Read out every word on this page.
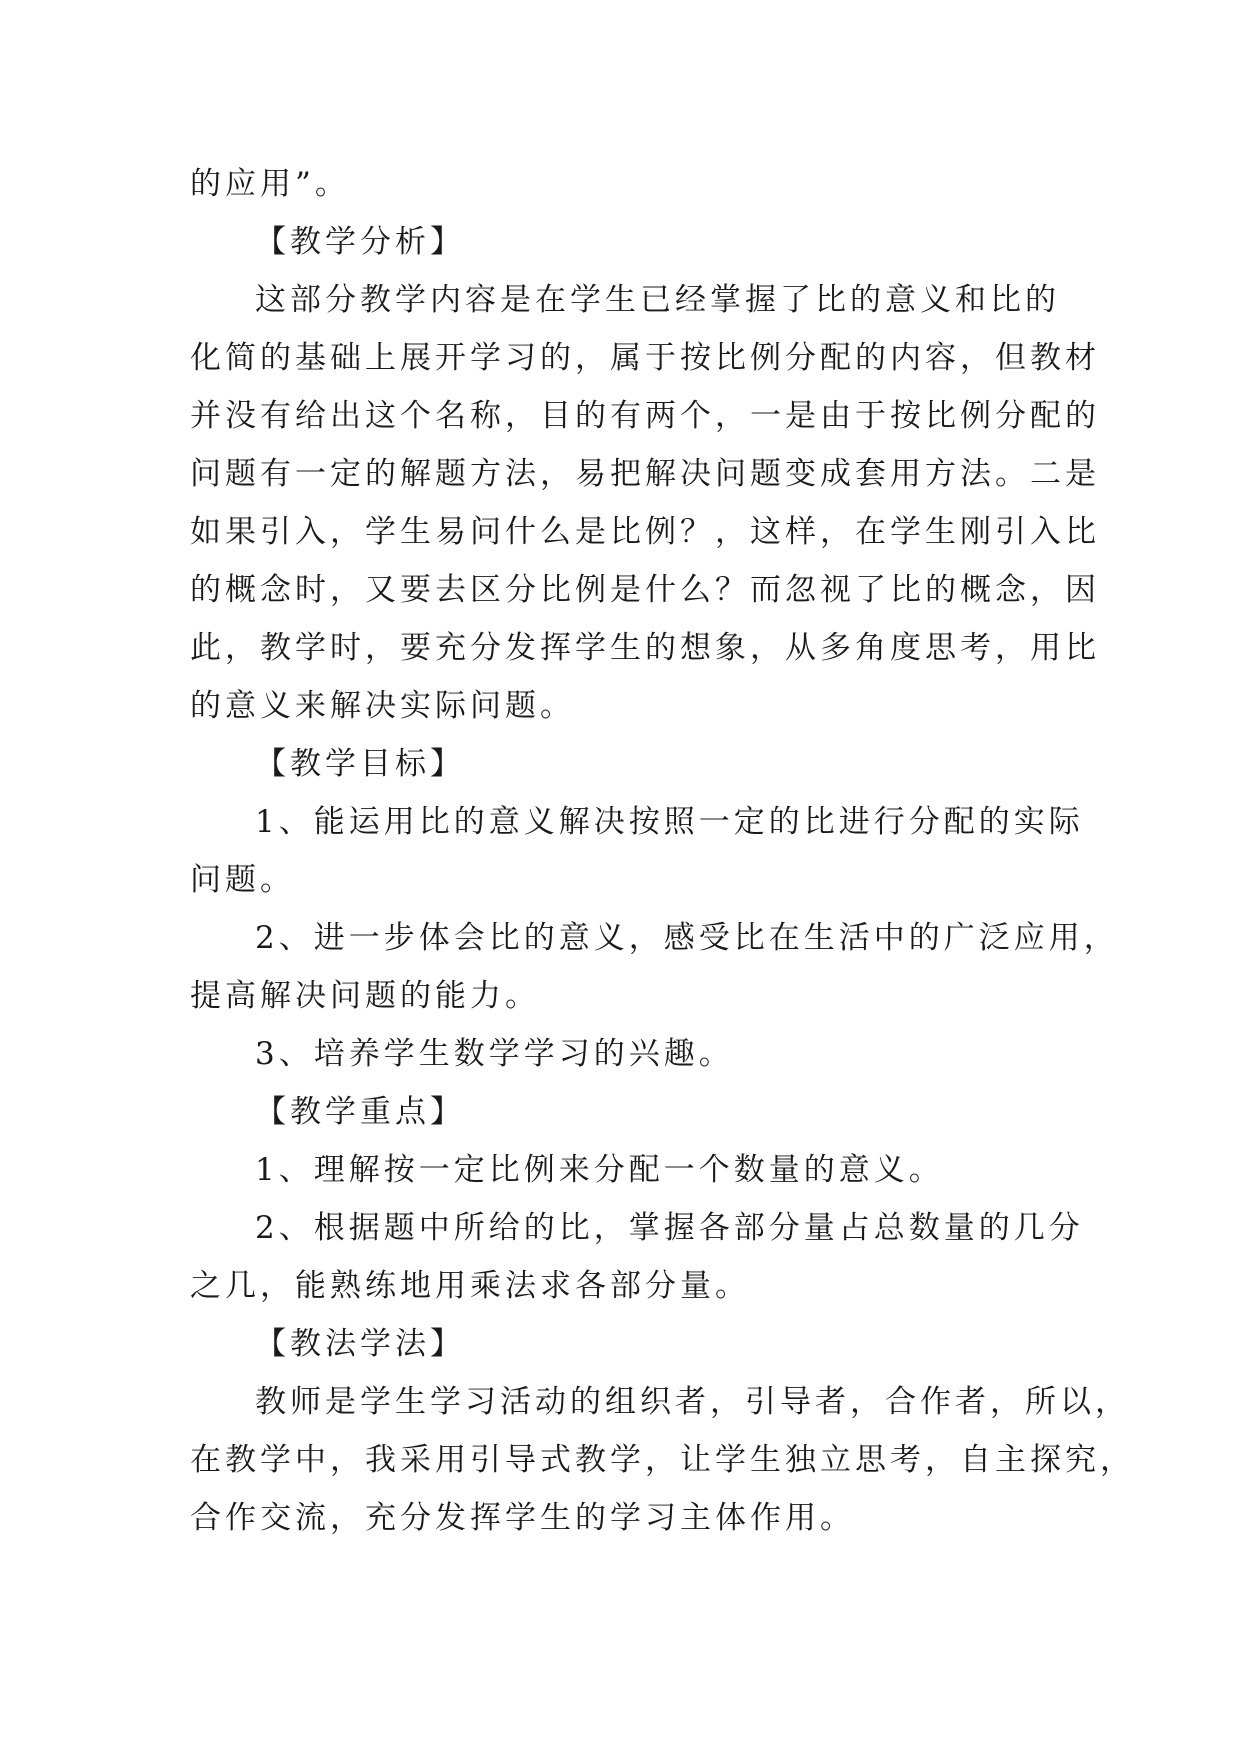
的应用”。
【教学分析】
这部分教学内容是在学生已经掌握了比的意义和比的
化简的基础上展开学习的，属于按比例分配的内容，但教材
并没有给出这个名称，目的有两个，一是由于按比例分配的
问题有一定的解题方法，易把解决问题变成套用方法。二是
如果引入，学生易问什么是比例？，这样，在学生刚引入比
的概念时，又要去区分比例是什么？而忽视了比的概念，因
此，教学时，要充分发挥学生的想象，从多角度思考，用比
的意义来解决实际问题。
【教学目标】
1、能运用比的意义解决按照一定的比进行分配的实际
问题。
2、进一步体会比的意义，感受比在生活中的广泛应用，
提高解决问题的能力。
3、培养学生数学学习的兴趣。
【教学重点】
1、理解按一定比例来分配一个数量的意义。
2、根据题中所给的比，掌握各部分量占总数量的几分
之几，能熟练地用乘法求各部分量。
【教法学法】
教师是学生学习活动的组织者，引导者，合作者，所以，
在教学中，我采用引导式教学，让学生独立思考，自主探究，
合作交流，充分发挥学生的学习主体作用。
